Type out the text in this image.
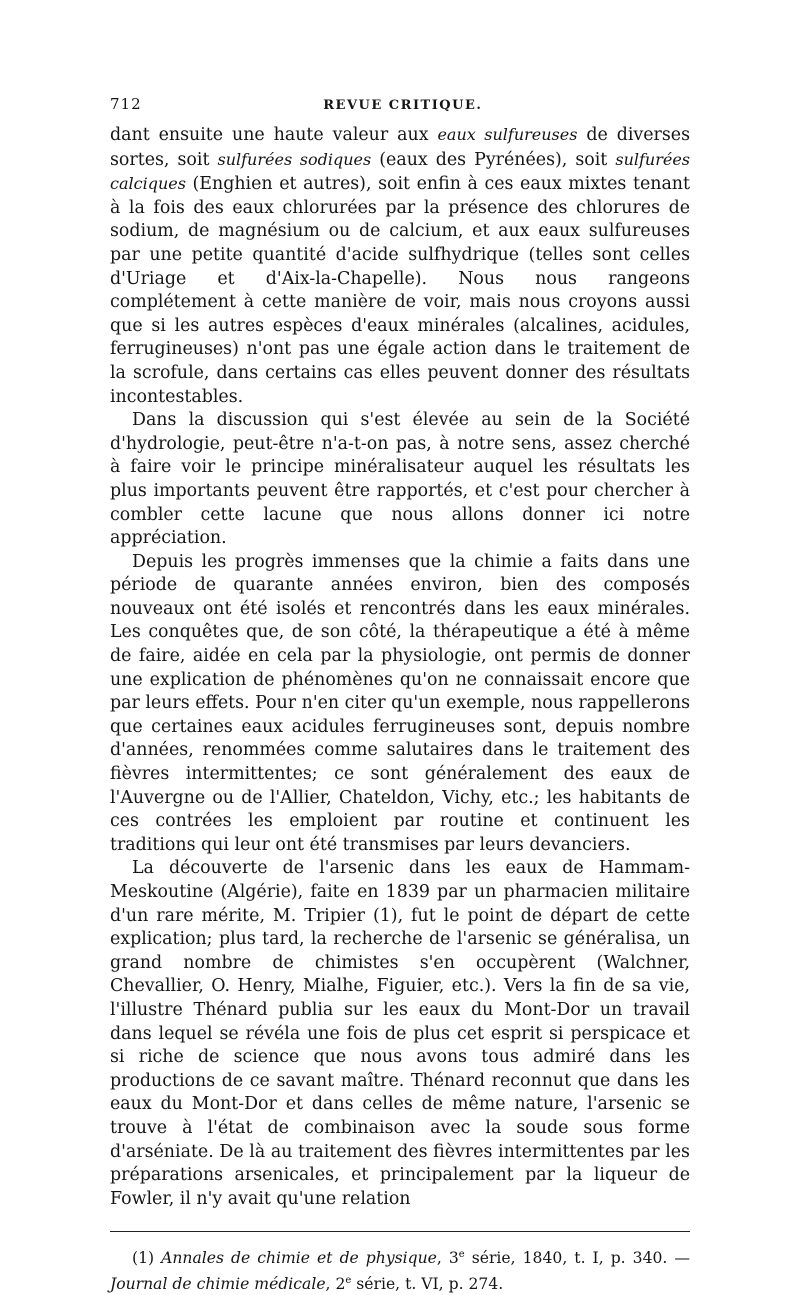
712	REVUE CRITIQUE.

dant ensuite une haute valeur aux eaux sulfureuses de diverses sortes, soit sulfurées sodiques (eaux des Pyrénées), soit sulfurées calciques (Enghien et autres), soit enfin à ces eaux mixtes tenant à la fois des eaux chlorurées par la présence des chlorures de sodium, de magnésium ou de calcium, et aux eaux sulfureuses par une petite quantité d'acide sulfhydrique (telles sont celles d'Uriage et d'Aix-la-Chapelle). Nous nous rangeons complétement à cette manière de voir, mais nous croyons aussi que si les autres espèces d'eaux minérales (alcalines, acidules, ferrugineuses) n'ont pas une égale action dans le traitement de la scrofule, dans certains cas elles peuvent donner des résultats incontestables.

Dans la discussion qui s'est élevée au sein de la Société d'hydrologie, peut-être n'a-t-on pas, à notre sens, assez cherché à faire voir le principe minéralisateur auquel les résultats les plus importants peuvent être rapportés, et c'est pour chercher à combler cette lacune que nous allons donner ici notre appréciation.

Depuis les progrès immenses que la chimie a faits dans une période de quarante années environ, bien des composés nouveaux ont été isolés et rencontrés dans les eaux minérales. Les conquêtes que, de son côté, la thérapeutique a été à même de faire, aidée en cela par la physiologie, ont permis de donner une explication de phénomènes qu'on ne connaissait encore que par leurs effets. Pour n'en citer qu'un exemple, nous rappellerons que certaines eaux acidules ferrugineuses sont, depuis nombre d'années, renommées comme salutaires dans le traitement des fièvres intermittentes; ce sont généralement des eaux de l'Auvergne ou de l'Allier, Chateldon, Vichy, etc.; les habitants de ces contrées les emploient par routine et continuent les traditions qui leur ont été transmises par leurs devanciers.

La découverte de l'arsenic dans les eaux de Hammam-Meskoutine (Algérie), faite en 1839 par un pharmacien militaire d'un rare mérite, M. Tripier (1), fut le point de départ de cette explication; plus tard, la recherche de l'arsenic se généralisa, un grand nombre de chimistes s'en occupèrent (Walchner, Chevallier, O. Henry, Mialhe, Figuier, etc.). Vers la fin de sa vie, l'illustre Thénard publia sur les eaux du Mont-Dor un travail dans lequel se révéla une fois de plus cet esprit si perspicace et si riche de science que nous avons tous admiré dans les productions de ce savant maître. Thénard reconnut que dans les eaux du Mont-Dor et dans celles de même nature, l'arsenic se trouve à l'état de combinaison avec la soude sous forme d'arséniate. De là au traitement des fièvres intermittentes par les préparations arsenicales, et principalement par la liqueur de Fowler, il n'y avait qu'une relation

(1) Annales de chimie et de physique, 3e série, 1840, t. I, p. 340. — Journal de chimie médicale, 2e série, t. VI, p. 274.
